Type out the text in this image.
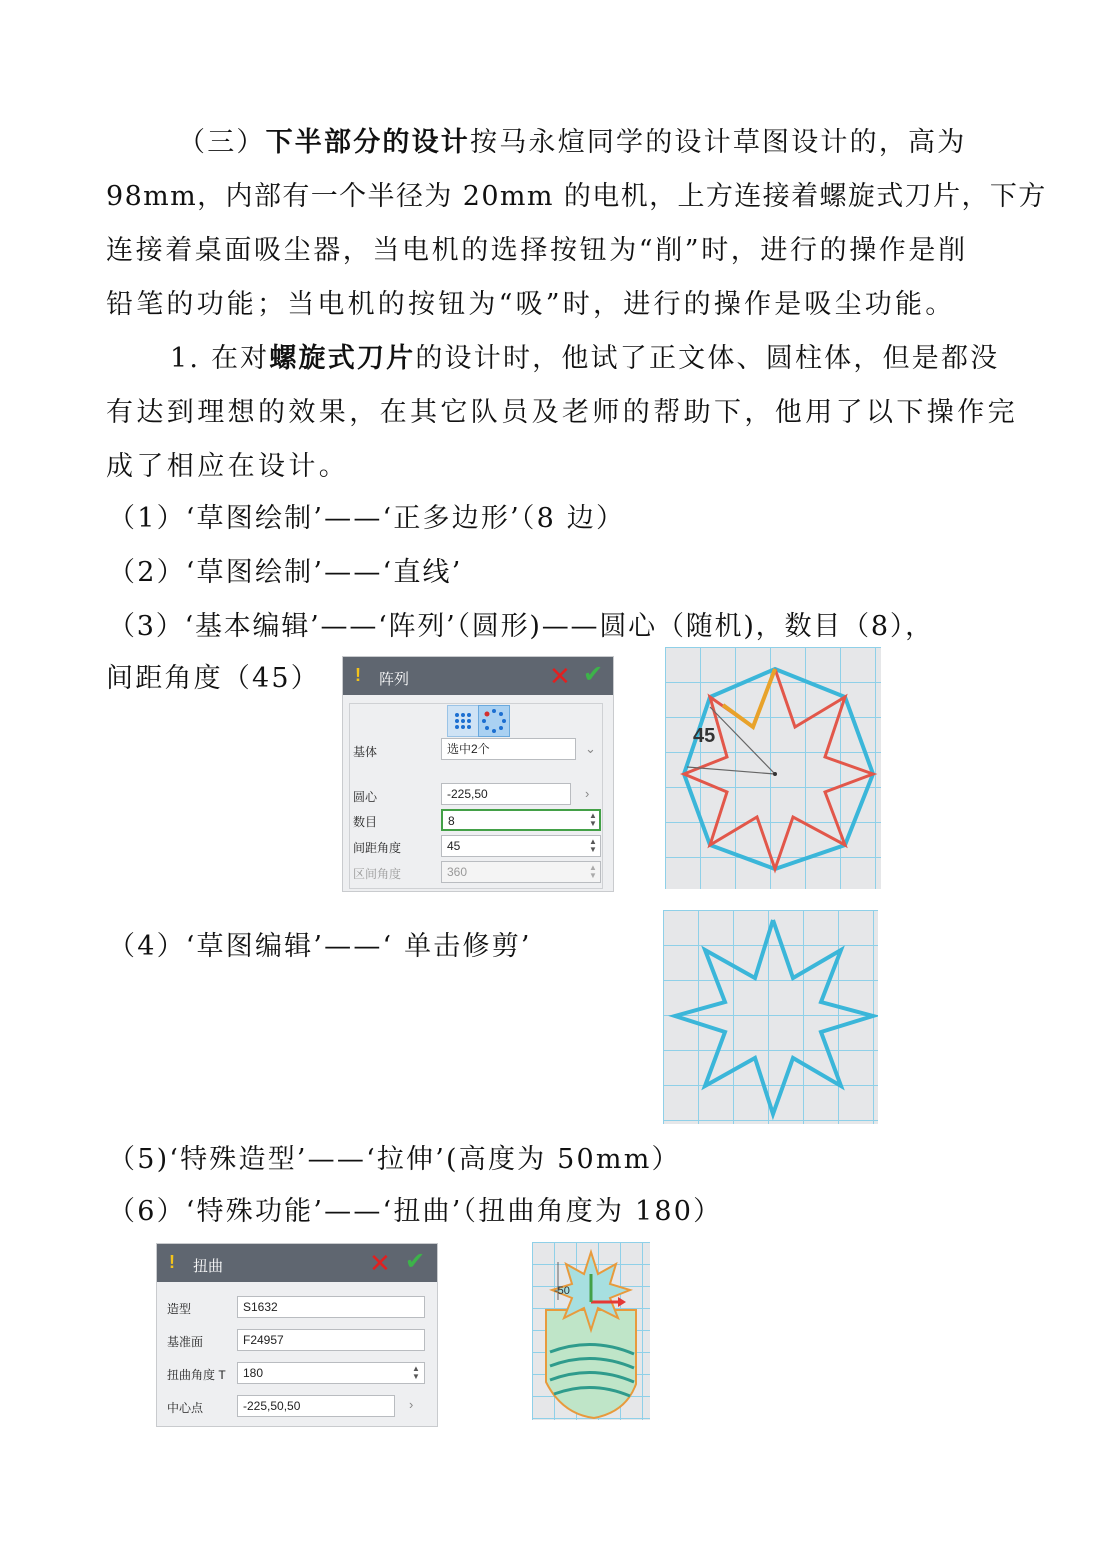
（三）下半部分的设计按马永煊同学的设计草图设计的，高为
98mm，内部有一个半径为 20mm 的电机，上方连接着螺旋式刀片，下方
连接着桌面吸尘器，当电机的选择按钮为“削”时，进行的操作是削
铅笔的功能；当电机的按钮为“吸”时，进行的操作是吸尘功能。
1. 在对螺旋式刀片的设计时，他试了正文体、圆柱体，但是都没
有达到理想的效果，在其它队员及老师的帮助下，他用了以下操作完
成了相应在设计。
（1）‘草图绘制’——‘正多边形’（8 边）
（2）‘草图绘制’——‘直线’
（3）‘基本编辑’——‘阵列’（圆形)——圆心（随机)，数目（8），
间距角度（45） ! 阵列	✕ ✔
基体	选中2个	⌄
圆心	-225,50	›
数目	8	▲
▼
间距角度	45	▲
▼
区间角度	360	▲
▼
45
（4）‘草图编辑’——‘ 单击修剪’
（5)‘特殊造型’——‘拉伸’(高度为 50mm）
（6）‘特殊功能’——‘扭曲’（扭曲角度为 180）
! 扭曲	✕ ✔
造型	S1632
基准面	F24957
扭曲角度 T	180	▲
▼
中心点	-225,50,50	›
-50
